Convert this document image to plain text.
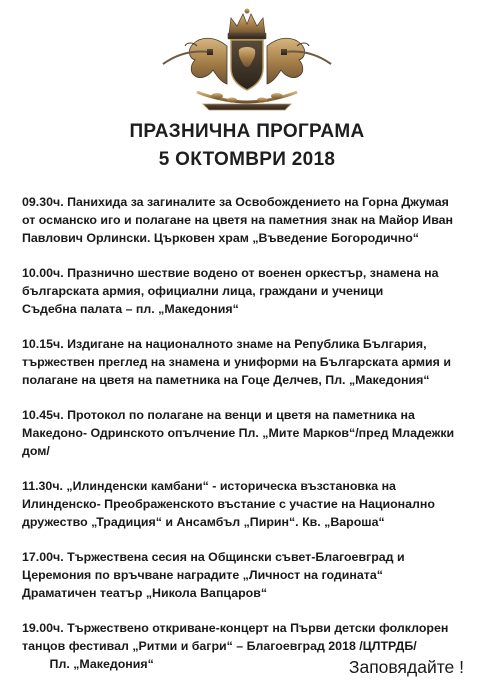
ПРАЗНИЧНА ПРОГРАМА
5 ОКТОМВРИ 2018
09.30ч. Панихида за загиналите за Освобождението на Горна Джумая
от османско иго и полагане на цветя на паметния знак на Майор Иван
Павлович Орлински. Църковен храм „Въведение Богородично“
10.00ч. Празнично шествие водено от военен оркестър, знамена на
българската армия, официални лица, граждани и ученици
Съдебна палата – пл. „Македония“
10.15ч. Издигане на националното знаме на Република България,
тържествен преглед на знамена и униформи на Българската армия и
полагане на цветя на паметника на Гоце Делчев, Пл. „Македония“
10.45ч. Протокол по полагане на венци и цветя на паметника на
Македоно- Одринското опълчение Пл. „Мите Марков“/пред Младежки
дом/
11.30ч. „Илинденски камбани“ - историческа възстановка на
Илинденско- Преображенското въстание с участие на Национално
дружество „Традиция“ и Ансамбъл „Пирин“. Кв. „Вароша“
17.00ч. Тържествена сесия на Общински съвет-Благоевград и
Церемония по връчване наградите „Личност на годината“
Драматичен театър „Никола Вапцаров“
19.00ч. Тържествено откриване-концерт на Първи детски фолклорен
танцов фестивал „Ритми и багри“ – Благоевград 2018 /ЦЛТРДБ/
Пл. „Македония“	Заповядайте !
